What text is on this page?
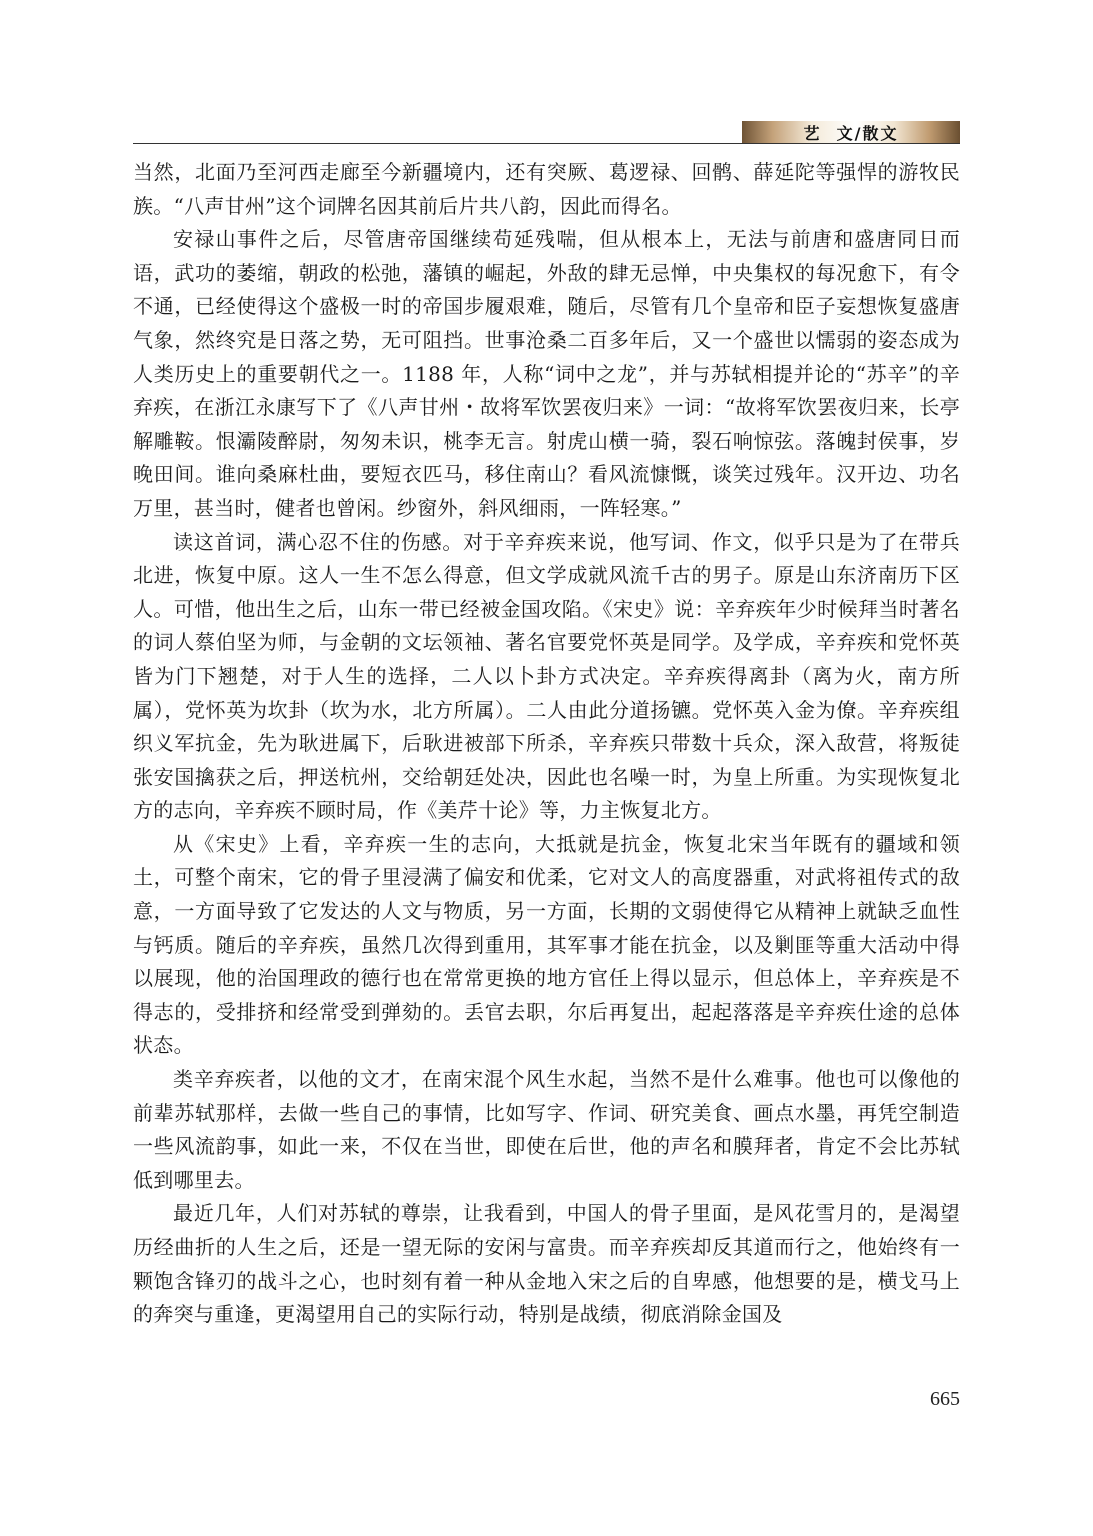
艺  文/散文

当然，北面乃至河西走廊至今新疆境内，还有突厥、葛逻禄、回鹘、薛延陀等强悍的游牧民族。“八声甘州”这个词牌名因其前后片共八韵，因此而得名。

安禄山事件之后，尽管唐帝国继续苟延残喘，但从根本上，无法与前唐和盛唐同日而语，武功的萎缩，朝政的松弛，藩镇的崛起，外敌的肆无忌惮，中央集权的每况愈下，有令不通，已经使得这个盛极一时的帝国步履艰难，随后，尽管有几个皇帝和臣子妄想恢复盛唐气象，然终究是日落之势，无可阻挡。世事沧桑二百多年后，又一个盛世以懦弱的姿态成为人类历史上的重要朝代之一。1188 年，人称“词中之龙”，并与苏轼相提并论的“苏辛”的辛弃疾，在浙江永康写下了《八声甘州・故将军饮罢夜归来》一词：“故将军饮罢夜归来，长亭解雕鞍。恨灞陵醉尉，匆匆未识，桃李无言。射虎山横一骑，裂石响惊弦。落魄封侯事，岁晚田间。谁向桑麻杜曲，要短衣匹马，移住南山？看风流慷慨，谈笑过残年。汉开边、功名万里，甚当时，健者也曾闲。纱窗外，斜风细雨，一阵轻寒。”

读这首词，满心忍不住的伤感。对于辛弃疾来说，他写词、作文，似乎只是为了在带兵北进，恢复中原。这人一生不怎么得意，但文学成就风流千古的男子。原是山东济南历下区人。可惜，他出生之后，山东一带已经被金国攻陷。《宋史》说：辛弃疾年少时候拜当时著名的词人蔡伯坚为师，与金朝的文坛领袖、著名官要党怀英是同学。及学成，辛弃疾和党怀英皆为门下翘楚，对于人生的选择，二人以卜卦方式决定。辛弃疾得离卦（离为火，南方所属），党怀英为坎卦（坎为水，北方所属）。二人由此分道扬镳。党怀英入金为僚。辛弃疾组织义军抗金，先为耿进属下，后耿进被部下所杀，辛弃疾只带数十兵众，深入敌营，将叛徒张安国擒获之后，押送杭州，交给朝廷处决，因此也名噪一时，为皇上所重。为实现恢复北方的志向，辛弃疾不顾时局，作《美芹十论》等，力主恢复北方。

从《宋史》上看，辛弃疾一生的志向，大抵就是抗金，恢复北宋当年既有的疆域和领土，可整个南宋，它的骨子里浸满了偏安和优柔，它对文人的高度器重，对武将祖传式的敌意，一方面导致了它发达的人文与物质，另一方面，长期的文弱使得它从精神上就缺乏血性与钙质。随后的辛弃疾，虽然几次得到重用，其军事才能在抗金，以及剿匪等重大活动中得以展现，他的治国理政的德行也在常常更换的地方官任上得以显示，但总体上，辛弃疾是不得志的，受排挤和经常受到弹劾的。丢官去职，尔后再复出，起起落落是辛弃疾仕途的总体状态。

类辛弃疾者，以他的文才，在南宋混个风生水起，当然不是什么难事。他也可以像他的前辈苏轼那样，去做一些自己的事情，比如写字、作词、研究美食、画点水墨，再凭空制造一些风流韵事，如此一来，不仅在当世，即使在后世，他的声名和膜拜者，肯定不会比苏轼低到哪里去。

最近几年，人们对苏轼的尊崇，让我看到，中国人的骨子里面，是风花雪月的，是渴望历经曲折的人生之后，还是一望无际的安闲与富贵。而辛弃疾却反其道而行之，他始终有一颗饱含锋刃的战斗之心，也时刻有着一种从金地入宋之后的自卑感，他想要的是，横戈马上的奔突与重逢，更渴望用自己的实际行动，特别是战绩，彻底消除金国及

665
